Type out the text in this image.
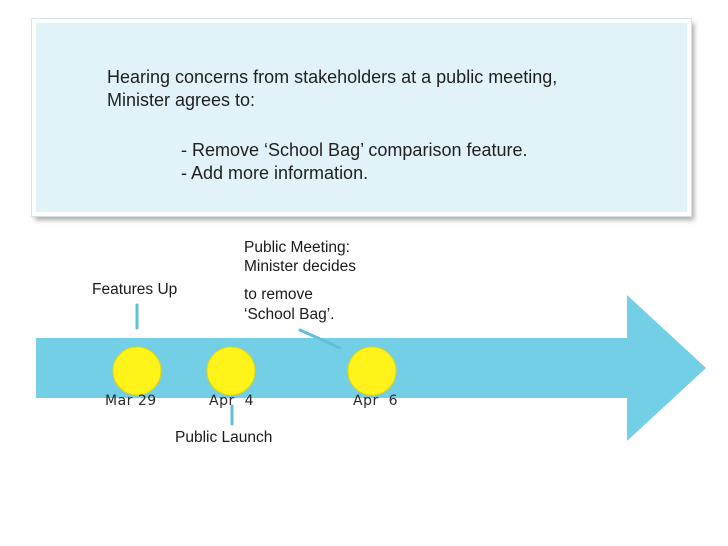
Hearing concerns from stakeholders at a public meeting,
Minister agrees to:
- Remove ‘School Bag’ comparison feature.
- Add more information.
Mar 29	Apr  4	Apr  6
Features Up
Public Launch
Public Meeting:
Minister decides
to remove
‘School Bag’.
